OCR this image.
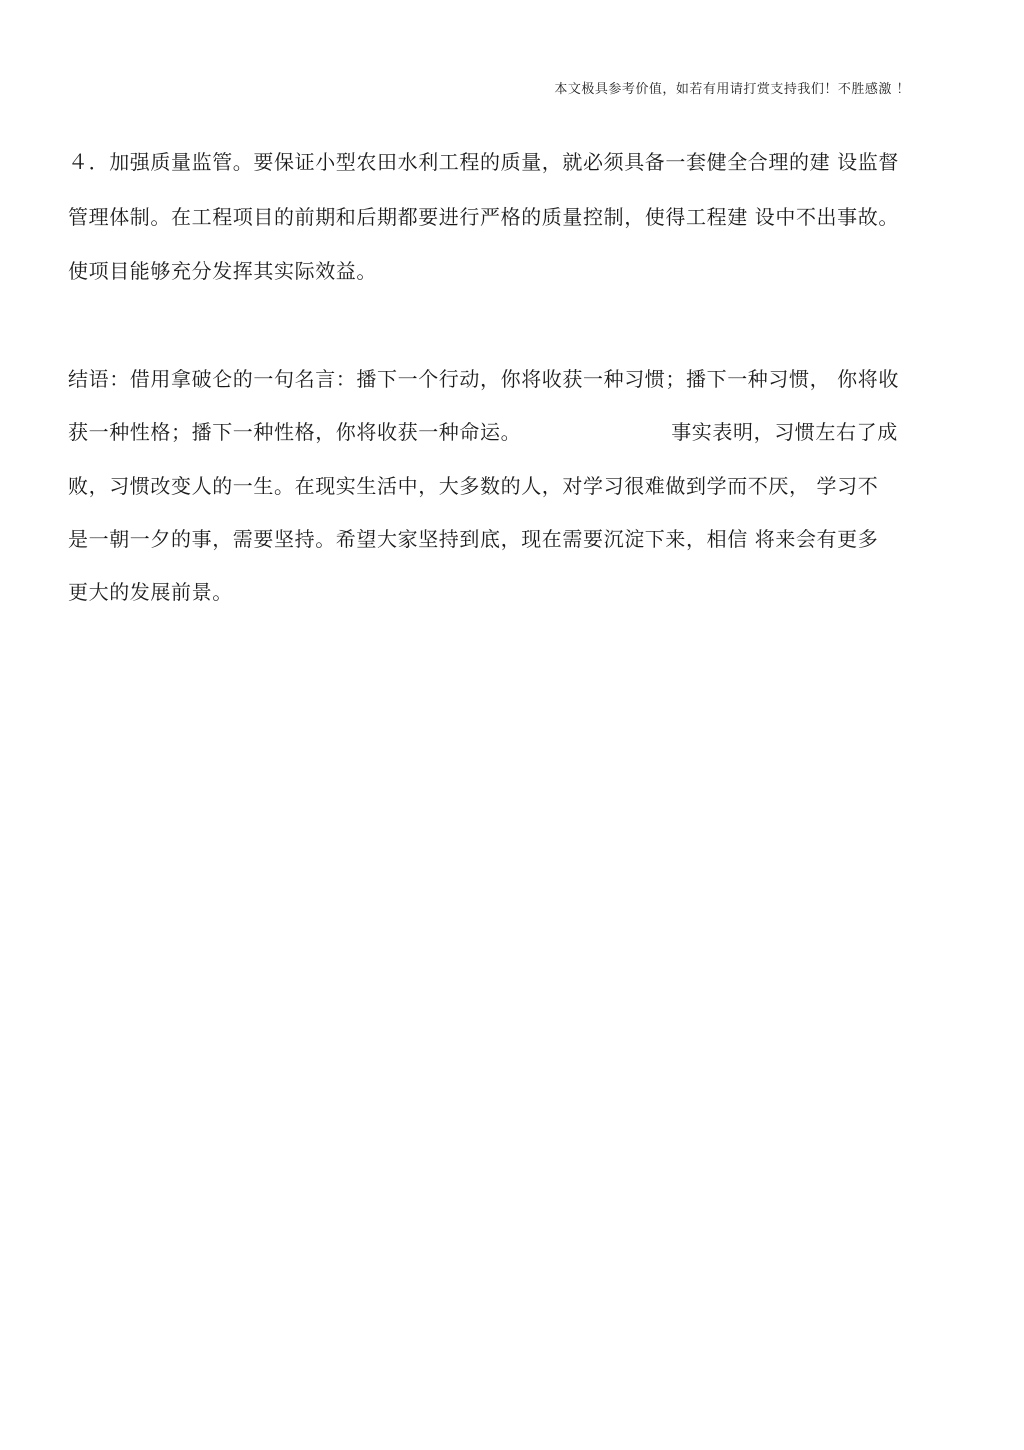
本文极具参考价值，如若有用请打赏支持我们！不胜感激 ！
４．加强质量监管。要保证小型农田水利工程的质量，就必须具备一套健全合理的建 设监督
管理体制。在工程项目的前期和后期都要进行严格的质量控制，使得工程建 设中不出事故。
使项目能够充分发挥其实际效益。
结语：借用拿破仑的一句名言：播下一个行动，你将收获一种习惯；播下一种习惯， 你将收
获一种性格；播下一种性格，你将收获一种命运。	事实表明，习惯左右了成
败，习惯改变人的一生。在现实生活中，大多数的人，对学习很难做到学而不厌， 学习不
是一朝一夕的事，需要坚持。希望大家坚持到底，现在需要沉淀下来，相信 将来会有更多
更大的发展前景。
